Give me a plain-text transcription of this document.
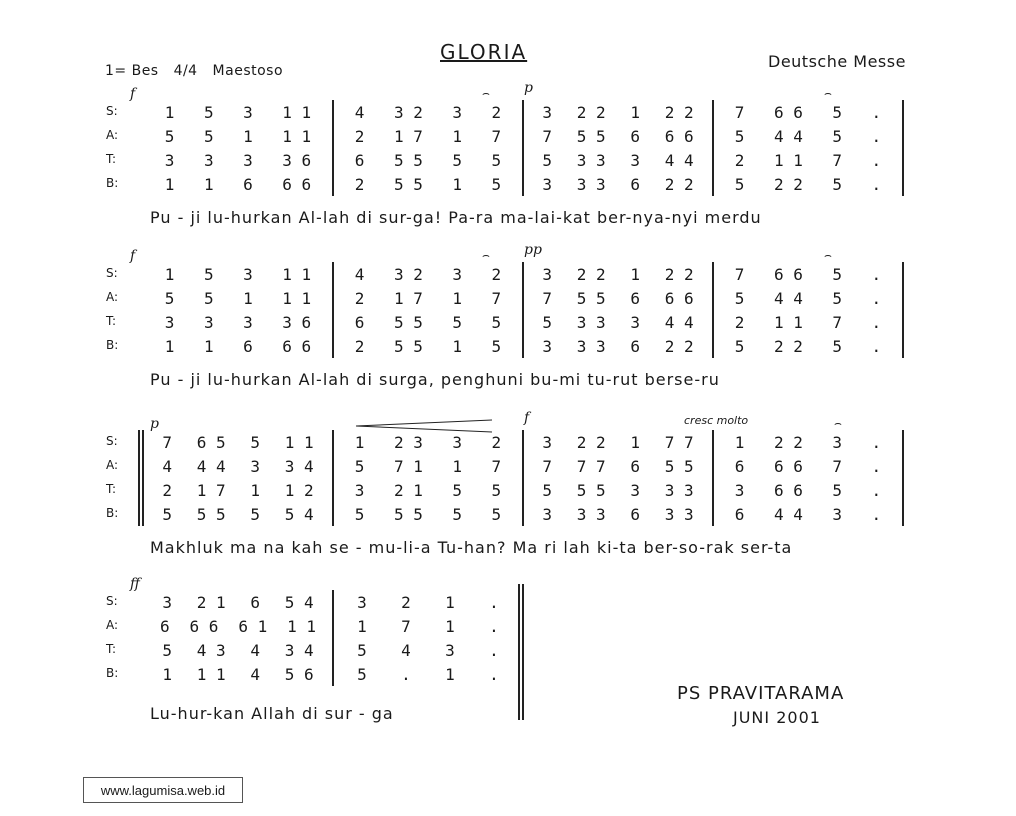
GLORIA
1= Bes 4/4 Maestoso	Deutsche Messe
S:	1 5 3 1 1	4 3 2 3 2	3 2 2 1 2 2	7 6 6 5 .
A:	5 5 1 1 1	2 1 7 1 7	7 5 5 6 6 6	5 4 4 5 .
T:	3 3 3 3 6	6 5 5 5 5	5 3 3 3 4 4	2 1 1 7 .
B:	1 1 6 6 6	2 5 5 1 5	3 3 3 6 2 2	5 2 2 5 .
f	p
⌢	⌢
Pu - ji lu-hurkan Al-lah di sur-ga! Pa-ra ma-lai-kat ber-nya-nyi merdu
S:	1 5 3 1 1	4 3 2 3 2	3 2 2 1 2 2	7 6 6 5 .
A:	5 5 1 1 1	2 1 7 1 7	7 5 5 6 6 6	5 4 4 5 .
T:	3 3 3 3 6	6 5 5 5 5	5 3 3 3 4 4	2 1 1 7 .
B:	1 1 6 6 6	2 5 5 1 5	3 3 3 6 2 2	5 2 2 5 .
f	pp
⌢	⌢
Pu - ji lu-hurkan Al-lah di surga, penghuni bu-mi tu-rut berse-ru
S:	7 6 5 5 1 1	1 2 3 3 2	3 2 2 1 7 7	1 2 2 3 .
A:	4 4 4 3 3 4	5 7 1 1 7	7 7 7 6 5 5	6 6 6 7 .
T:	2 1 7 1 1 2	3 2 1 5 5	5 5 5 3 3 3	3 6 6 5 .
B:	5 5 5 5 5 4	5 5 5 5 5	3 3 3 6 3 3	6 4 4 3 .
p	f	cresc molto	⌢
Makhluk ma na kah se - mu-li-a Tu-han? Ma ri lah ki-ta ber-so-rak ser-ta
S:	3 2 1 6 5 4	3 2 1 .
A:	6 6 6 6 1 1 1	1 7 1 .
T:	5 4 3 4 3 4	5 4 3 .
B:	1 1 1 4 5 6	5 . 1 .
ff
Lu-hur-kan Allah di sur - ga
PS PRAVITARAMA
JUNI 2001
www.lagumisa.web.id
